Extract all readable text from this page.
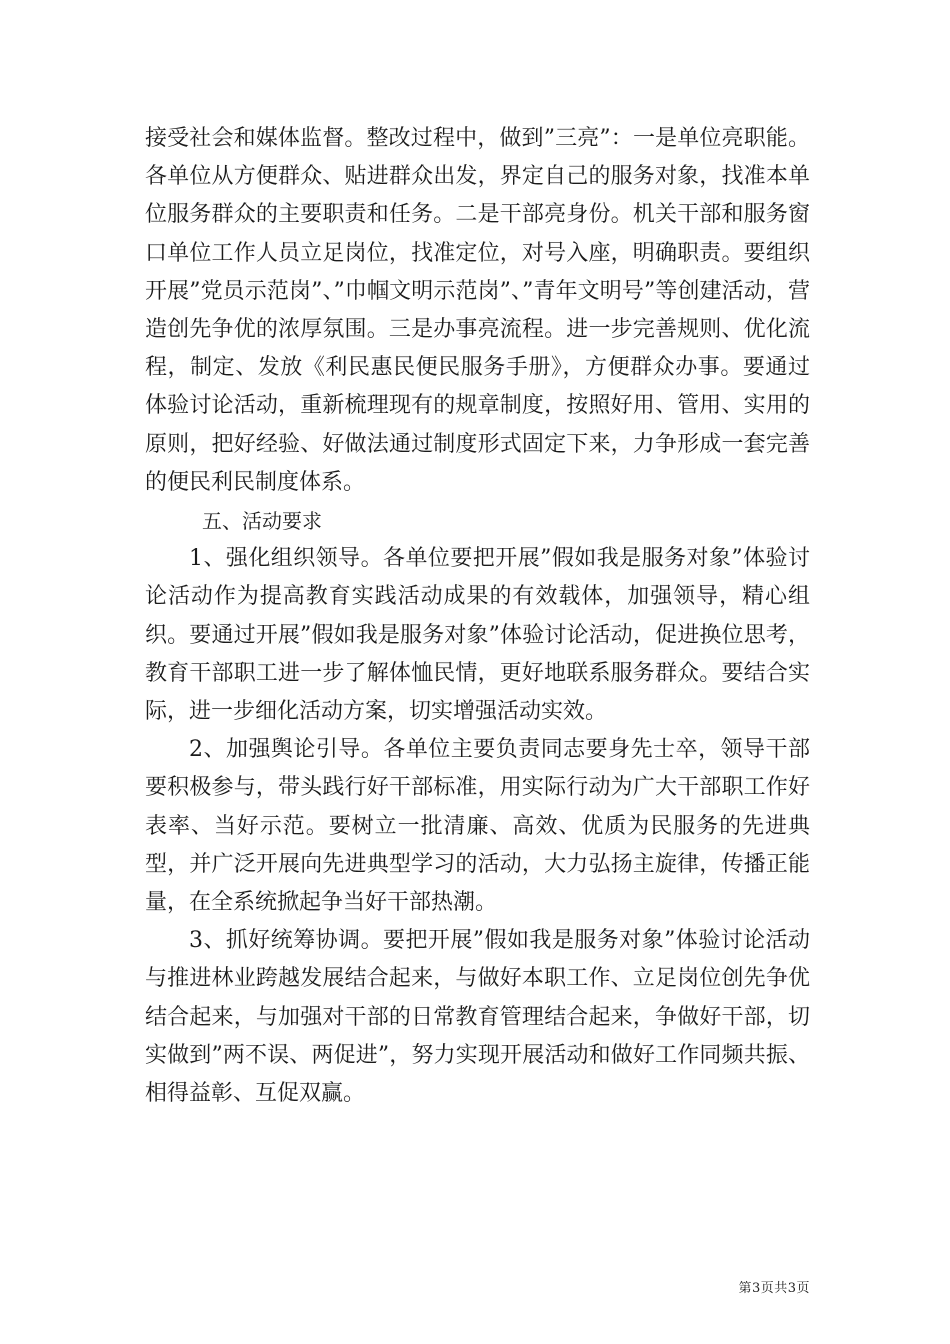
接受社会和媒体监督。整改过程中，做到”三亮”：一是单位亮职能。各单位从方便群众、贴进群众出发，界定自己的服务对象，找准本单位服务群众的主要职责和任务。二是干部亮身份。机关干部和服务窗口单位工作人员立足岗位，找准定位，对号入座，明确职责。要组织开展”党员示范岗”、”巾帼文明示范岗”、”青年文明号”等创建活动，营造创先争优的浓厚氛围。三是办事亮流程。进一步完善规则、优化流程，制定、发放《利民惠民便民服务手册》，方便群众办事。要通过体验讨论活动，重新梳理现有的规章制度，按照好用、管用、实用的原则，把好经验、好做法通过制度形式固定下来，力争形成一套完善的便民利民制度体系。

五、活动要求

1、强化组织领导。各单位要把开展”假如我是服务对象”体验讨论活动作为提高教育实践活动成果的有效载体，加强领导，精心组织。要通过开展”假如我是服务对象”体验讨论活动，促进换位思考，教育干部职工进一步了解体恤民情，更好地联系服务群众。要结合实际，进一步细化活动方案，切实增强活动实效。

2、加强舆论引导。各单位主要负责同志要身先士卒，领导干部要积极参与，带头践行好干部标准，用实际行动为广大干部职工作好表率、当好示范。要树立一批清廉、高效、优质为民服务的先进典型，并广泛开展向先进典型学习的活动，大力弘扬主旋律，传播正能量，在全系统掀起争当好干部热潮。

3、抓好统筹协调。要把开展”假如我是服务对象”体验讨论活动与推进林业跨越发展结合起来，与做好本职工作、立足岗位创先争优结合起来，与加强对干部的日常教育管理结合起来，争做好干部，切实做到”两不误、两促进”，努力实现开展活动和做好工作同频共振、相得益彰、互促双赢。

第3页共3页
